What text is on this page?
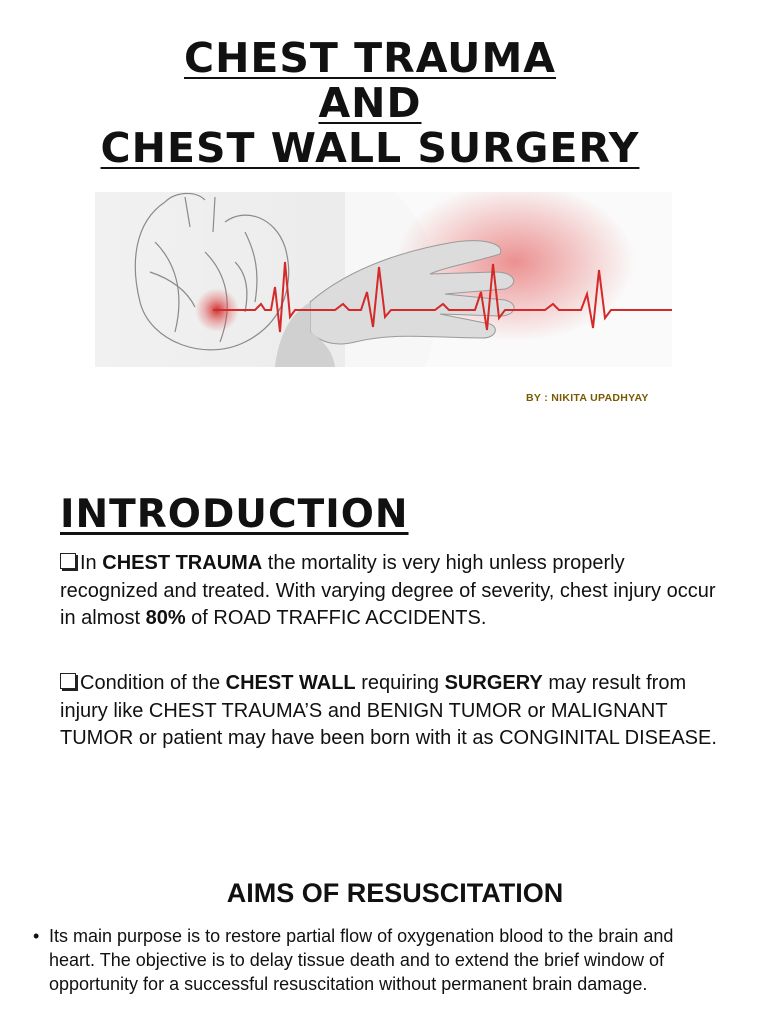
CHEST TRAUMA
AND
CHEST WALL SURGERY
BY : NIKITA UPADHYAY
INTRODUCTION
In CHEST TRAUMA the mortality is very high unless properly recognized and treated. With varying degree of severity, chest injury occur in almost 80% of ROAD TRAFFIC ACCIDENTS.
Condition of the CHEST WALL requiring SURGERY may result from injury like CHEST TRAUMA’S and BENIGN TUMOR or MALIGNANT TUMOR or patient may have been born with it as CONGINITAL DISEASE.
AIMS OF RESUSCITATION
• Its main purpose is to restore partial flow of oxygenation blood to the brain and heart. The objective is to delay tissue death and to extend the brief window of opportunity for a successful resuscitation without permanent brain damage.
